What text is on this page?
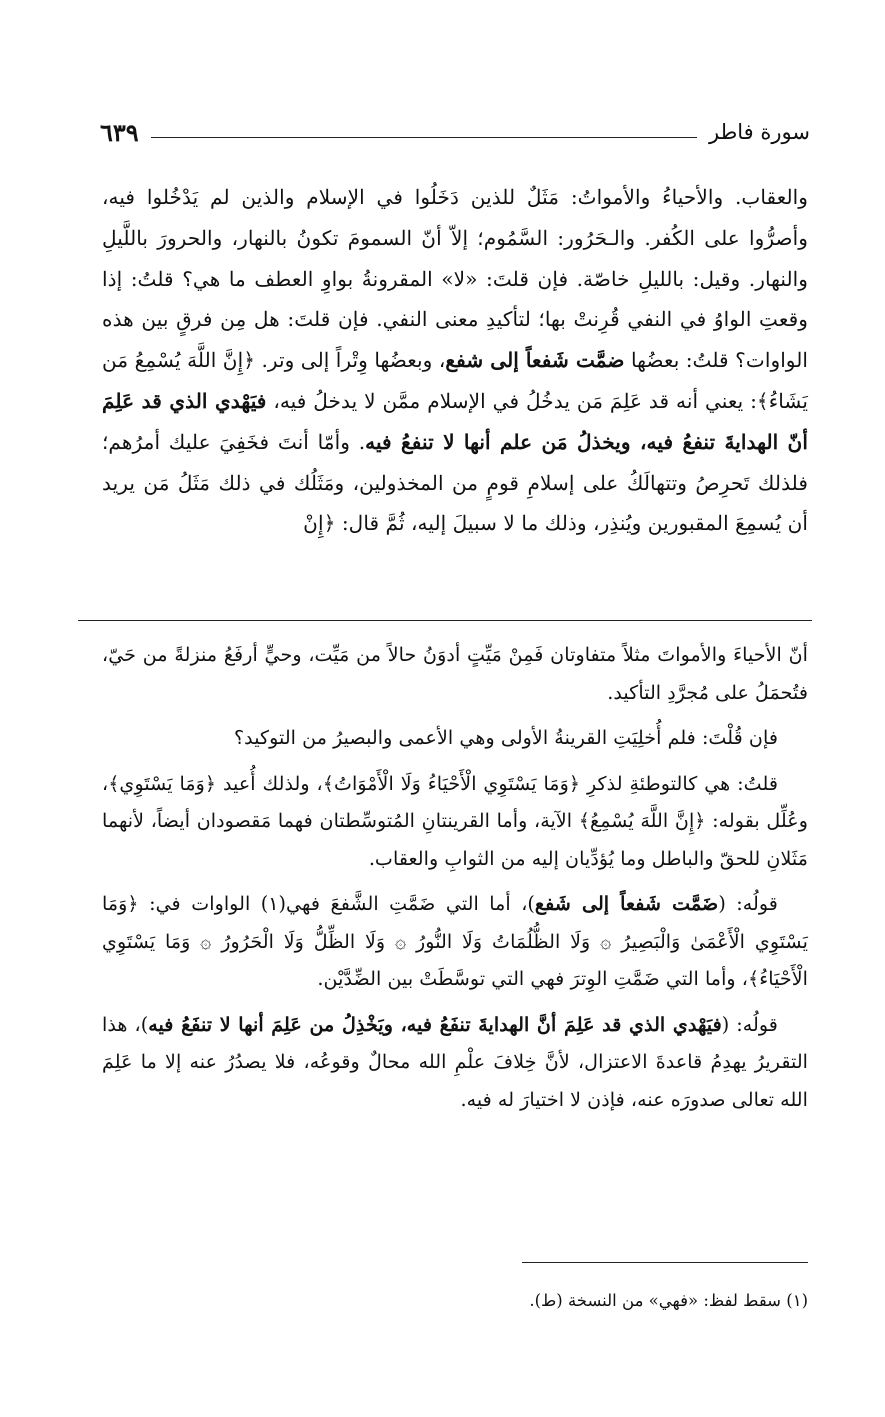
٦٣٩	سورة فاطر

والعقاب. والأحياءُ والأمواتُ: مَثَلٌ للذين دَخَلُوا في الإسلام والذين لم يَدْخُلوا فيه، وأصرُّوا على الكُفر. والـحَرُور: السَّمُوم؛ إلاّ أنّ السمومَ تكونُ بالنهار، والحرورَ باللَّيلِ والنهار. وقيل: بالليلِ خاصّة. فإن قلتَ: «لا» المقرونةُ بواوِ العطف ما هي؟ قلتُ: إذا وقعتِ الواوُ في النفي قُرِنتْ بها؛ لتأكيدِ معنى النفي. فإن قلتَ: هل مِن فرقٍ بين هذه الواوات؟ قلتُ: بعضُها ضمَّت شَفعاً إلى شفع، وبعضُها وِتْراً إلى وتر. ﴿إِنَّ اللَّهَ يُسْمِعُ مَن يَشَاءُ﴾: يعني أنه قد عَلِمَ مَن يدخُلُ في الإسلام ممَّن لا يدخلُ فيه، فيَهْدي الذي قد عَلِمَ أنّ الهدايةَ تنفعُ فيه، ويخذلُ مَن علم أنها لا تنفعُ فيه. وأمّا أنتَ فخَفِيَ عليك أمرُهم؛ فلذلك تَحرِصُ وتتهالَكُ على إسلامِ قومٍ من المخذولين، ومَثَلُك في ذلك مَثَلُ مَن يريد أن يُسمِعَ المقبورين ويُنذِر، وذلك ما لا سبيلَ إليه، ثُمَّ قال: ﴿إِنْ

أنّ الأحياءَ والأمواتَ مثلاً متفاوتان فَمِنْ مَيِّتٍ أدوَنُ حالاً من مَيِّت، وحيٍّ أرفَعُ منزلةً من حَيّ، فتُحمَلُ على مُجرَّدِ التأكيد.

فإن قُلْتَ: فلم أُخلِيَتِ القرينةُ الأولى وهي الأعمى والبصيرُ من التوكيد؟

قلتُ: هي كالتوطئةِ لذكرِ ﴿وَمَا يَسْتَوِي الْأَحْيَاءُ وَلَا الْأَمْوَاتُ﴾، ولذلك أُعيد ﴿وَمَا يَسْتَوِي﴾، وعُلِّل بقوله: ﴿إِنَّ اللَّهَ يُسْمِعُ﴾ الآية، وأما القرينتانِ المُتوسِّطتان فهما مَقصودان أيضاً، لأنهما مَثَلانِ للحقّ والباطل وما يُؤدِّيان إليه من الثوابِ والعقاب.

قولُه: (ضَمَّت شَفعاً إلى شَفع)، أما التي ضَمَّتِ الشَّفعَ فهي(١) الواوات في: ﴿وَمَا يَسْتَوِي الْأَعْمَىٰ وَالْبَصِيرُ ۞ وَلَا الظُّلُمَاتُ وَلَا النُّورُ ۞ وَلَا الظِّلُّ وَلَا الْحَرُورُ ۞ وَمَا يَسْتَوِي الْأَحْيَاءُ﴾، وأما التي ضَمَّتِ الوِترَ فهي التي توسَّطَتْ بين الضِّدَّيْن.

قولُه: (فيَهْدي الذي قد عَلِمَ أنَّ الهدايةَ تنفَعُ فيه، ويَخْذِلُ من عَلِمَ أنها لا تنفَعُ فيه)، هذا التقريرُ يهدِمُ قاعدةَ الاعتزال، لأنَّ خِلافَ علْمِ الله محالٌ وقوعُه، فلا يصدُرُ عنه إلا ما عَلِمَ الله تعالى صدورَه عنه، فإذن لا اختيارَ له فيه.

(١) سقط لفظ: «فهي» من النسخة (ط).
